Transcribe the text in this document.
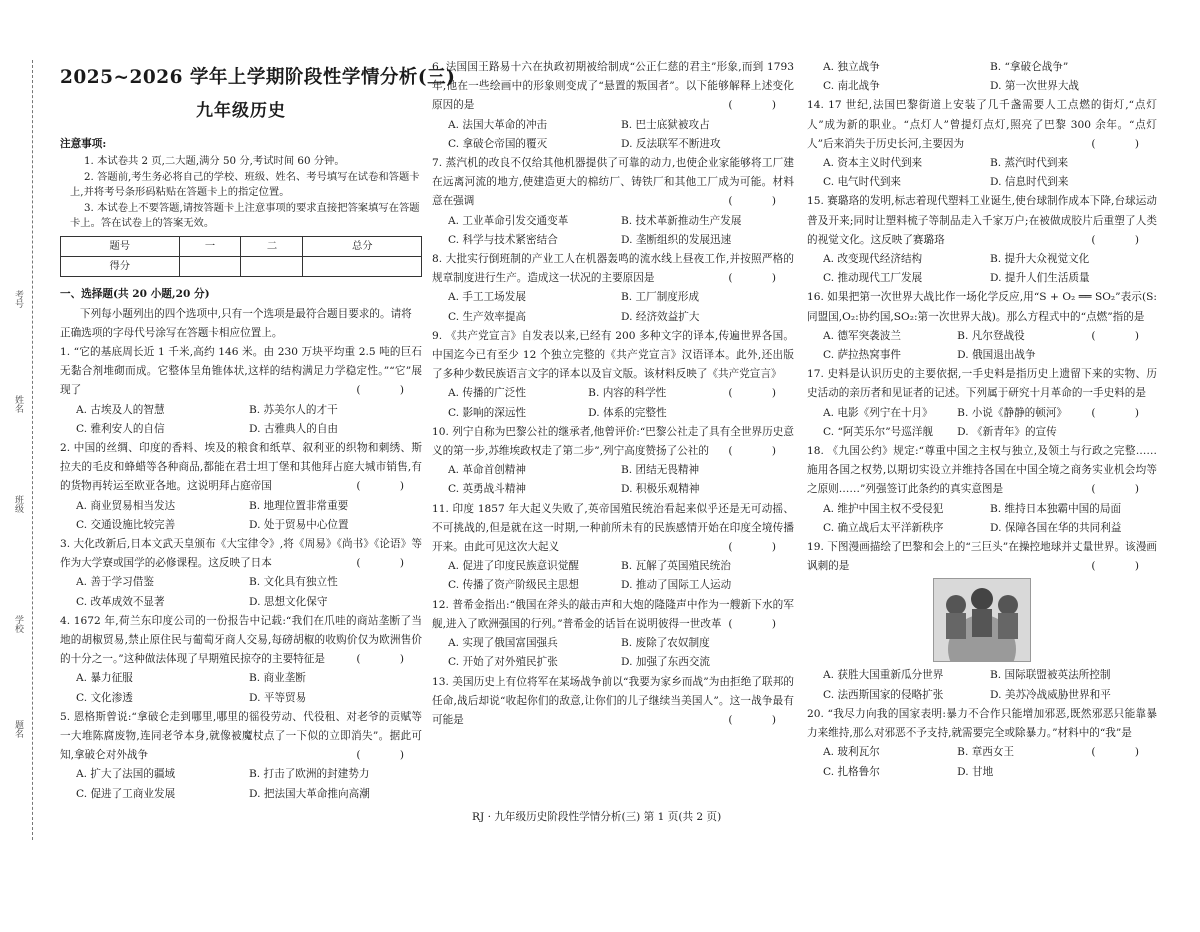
考号
姓名
班级
学校
题名
2025~2026 学年上学期阶段性学情分析(三)
九年级历史
注意事项:

1. 本试卷共 2 页,二大题,满分 50 分,考试时间 60 分钟。

2. 答题前,考生务必将自己的学校、班级、姓名、考号填写在试卷和答题卡上,并将考号条形码粘贴在答题卡上的指定位置。

3. 本试卷上不要答题,请按答题卡上注意事项的要求直接把答案填写在答题卡上。答在试卷上的答案无效。

题号	一	二	总分
得分			
一、选择题(共 20 小题,20 分)
下列每小题列出的四个选项中,只有一个选项是最符合题目要求的。请将正确选项的字母代号涂写在答题卡相应位置上。
1. “它的基底周长近 1 千米,高约 146 米。由 230 万块平均重 2.5 吨的巨石无黏合剂堆砌而成。它整体呈角锥体状,这样的结构满足力学稳定性。”“它”展现了	( )
A. 古埃及人的智慧	B. 苏美尔人的才干
C. 雅利安人的自信	D. 古雅典人的自由
2. 中国的丝绸、印度的香料、埃及的粮食和纸草、叙利亚的织物和刺绣、斯拉夫的毛皮和蜂蜡等各种商品,都能在君士坦丁堡和其他拜占庭大城市销售,有的货物再转运至欧亚各地。这说明拜占庭帝国	( )
A. 商业贸易相当发达	B. 地理位置非常重要
C. 交通设施比较完善	D. 处于贸易中心位置
3. 大化改新后,日本文武天皇颁布《大宝律令》,将《周易》《尚书》《论语》等作为大学寮或国学的必修课程。这反映了日本	( )
A. 善于学习借鉴	B. 文化具有独立性
C. 改革成效不显著	D. 思想文化保守
4. 1672 年,荷兰东印度公司的一份报告中记载:“我们在爪哇的商站垄断了当地的胡椒贸易,禁止原住民与葡萄牙商人交易,每磅胡椒的收购价仅为欧洲售价的十分之一。”这种做法体现了早期殖民掠夺的主要特征是	( )
A. 暴力征服	B. 商业垄断
C. 文化渗透	D. 平等贸易
5. 恩格斯曾说:“拿破仑走到哪里,哪里的徭役劳动、代役租、对老爷的贡赋等一大堆陈腐废物,连同老爷本身,就像被魔杖点了一下似的立即消失”。据此可知,拿破仑对外战争	( )
A. 扩大了法国的疆域	B. 打击了欧洲的封建势力
C. 促进了工商业发展	D. 把法国大革命推向高潮
6. 法国国王路易十六在执政初期被给制成“公正仁慈的君主”形象,而到 1793 年,他在一些绘画中的形象则变成了“悬置的叛国者”。以下能够解释上述变化原因的是	( )
A. 法国大革命的冲击	B. 巴士底狱被攻占
C. 拿破仑帝国的覆灭	D. 反法联军不断进攻
7. 蒸汽机的改良不仅给其他机器提供了可靠的动力,也使企业家能够将工厂建在远离河流的地方,使建造更大的棉纺厂、铸铁厂和其他工厂成为可能。材料意在强调	( )
A. 工业革命引发交通变革	B. 技术革新推动生产发展
C. 科学与技术紧密结合	D. 垄断组织的发展迅速
8. 大批实行倒班制的产业工人在机器轰鸣的流水线上昼夜工作,并按照严格的规章制度进行生产。造成这一状况的主要原因是	( )
A. 手工工场发展	B. 工厂制度形成
C. 生产效率提高	D. 经济效益扩大
9. 《共产党宣言》自发表以来,已经有 200 多种文字的译本,传遍世界各国。中国迄今已有至少 12 个独立完整的《共产党宣言》汉语译本。此外,还出版了多种少数民族语言文字的译本以及盲文版。该材料反映了《共产党宣言》
( )
A. 传播的广泛性	B. 内容的科学性
C. 影响的深远性	D. 体系的完整性
10. 列宁自称为巴黎公社的继承者,他曾评价:“巴黎公社走了具有全世界历史意义的第一步,苏维埃政权走了第二步”,列宁高度赞扬了公社的 ( )
A. 革命首创精神	B. 团结无畏精神
C. 英勇战斗精神	D. 积极乐观精神
11. 印度 1857 年大起义失败了,英帝国殖民统治看起来似乎还是无可动摇、不可挑战的,但是就在这一时期,一种前所未有的民族感情开始在印度全境传播开来。由此可见这次大起义	( )
A. 促进了印度民族意识觉醒	B. 瓦解了英国殖民统治
C. 传播了资产阶级民主思想	D. 推动了国际工人运动
12. 普希金指出:“俄国在斧头的敲击声和大炮的隆隆声中作为一艘新下水的军舰,进入了欧洲强国的行列。”普希金的话旨在说明彼得一世改革 ( )
A. 实现了俄国富国强兵	B. 废除了农奴制度
C. 开始了对外殖民扩张	D. 加强了东西交流
13. 美国历史上有位将军在某场战争前以“我要为家乡而战”为由拒绝了联邦的任命,战后却说“收起你们的敌意,让你们的儿子继续当美国人”。这一战争最有可能是	( )
A. 独立战争	B. “拿破仑战争”
C. 南北战争	D. 第一次世界大战
14. 17 世纪,法国巴黎街道上安装了几千盏需要人工点燃的街灯,“点灯人”成为新的职业。“点灯人”曾提灯点灯,照亮了巴黎 300 余年。“点灯人”后来消失于历史长河,主要因为	( )
A. 资本主义时代到来	B. 蒸汽时代到来
C. 电气时代到来	D. 信息时代到来
15. 赛璐珞的发明,标志着现代塑料工业诞生,使台球制作成本下降,台球运动普及开来;同时让塑料梳子等制品走入千家万户;在被做成胶片后重塑了人类的视觉文化。这反映了赛璐珞	( )
A. 改变现代经济结构	B. 提升大众视觉文化
C. 推动现代工厂发展	D. 提升人们生活质量
16. 如果把第一次世界大战比作一场化学反应,用“S + O₂ ══ SO₂”表示(S:同盟国,O₂:协约国,SO₂:第一次世界大战)。那么方程式中的“点燃”指的是
( )
A. 德军突袭波兰	B. 凡尔登战役
C. 萨拉热窝事件	D. 俄国退出战争
17. 史料是认识历史的主要依据,一手史料是指历史上遗留下来的实物、历史活动的亲历者和见证者的记述。下列属于研究十月革命的一手史料的是
( )
A. 电影《列宁在十月》	B. 小说《静静的顿河》
C. “阿芙乐尔”号巡洋舰	D. 《新青年》的宣传
18. 《九国公约》规定:“尊重中国之主权与独立,及领土与行政之完整……施用各国之权势,以期切实设立并维持各国在中国全境之商务实业机会均等之原则……”列强签订此条约的真实意图是	( )
A. 维护中国主权不受侵犯	B. 维持日本独霸中国的局面
C. 确立战后太平洋新秩序	D. 保障各国在华的共同利益
19. 下图漫画描绘了巴黎和会上的“三巨头”在操控地球并丈量世界。该漫画讽刺的是	( )
A. 获胜大国重新瓜分世界	B. 国际联盟被英法所控制
C. 法西斯国家的侵略扩张	D. 美苏冷战威胁世界和平
20. “我尽力向我的国家表明:暴力不合作只能增加邪恶,既然邪恶只能靠暴力来维持,那么对邪恶不予支持,就需要完全或除暴力。”材料中的“我”是
( )
A. 玻利瓦尔	B. 章西女王
C. 扎格鲁尔	D. 甘地
RJ · 九年级历史阶段性学情分析(三) 第 1 页(共 2 页)
